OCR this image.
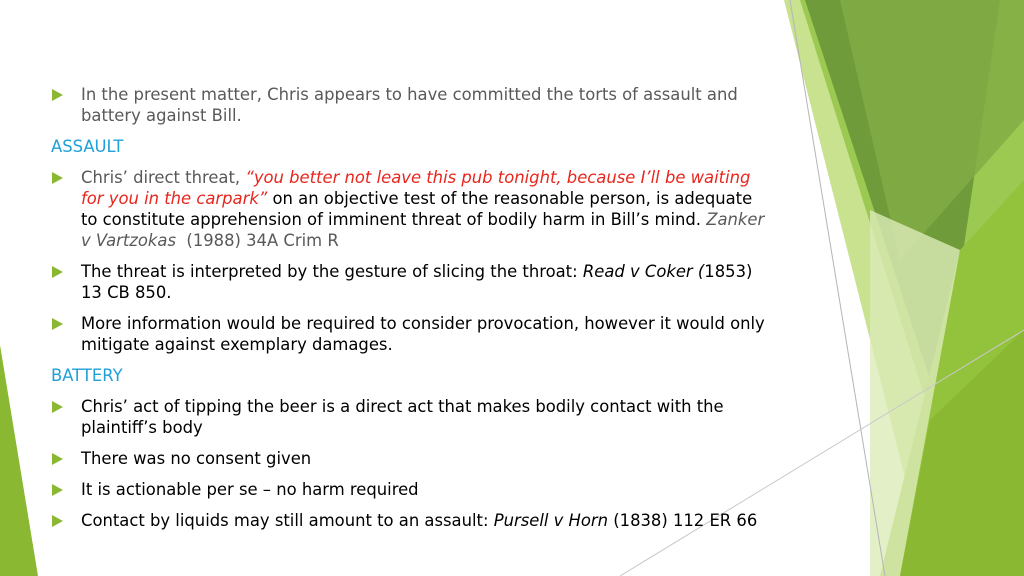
In the present matter, Chris appears to have committed the torts of assault and battery against Bill.
ASSAULT
Chris’ direct threat, “you better not leave this pub tonight, because I’ll be waiting for you in the carpark” on an objective test of the reasonable person, is adequate to constitute apprehension of imminent threat of bodily harm in Bill’s mind. Zanker v Vartzokas  (1988) 34A Crim R
The threat is interpreted by the gesture of slicing the throat: Read v Coker (1853) 13 CB 850.
More information would be required to consider provocation, however it would only mitigate against exemplary damages.
BATTERY
Chris’ act of tipping the beer is a direct act that makes bodily contact with the plaintiff’s body
There was no consent given
It is actionable per se – no harm required
Contact by liquids may still amount to an assault: Pursell v Horn (1838) 112 ER 66
